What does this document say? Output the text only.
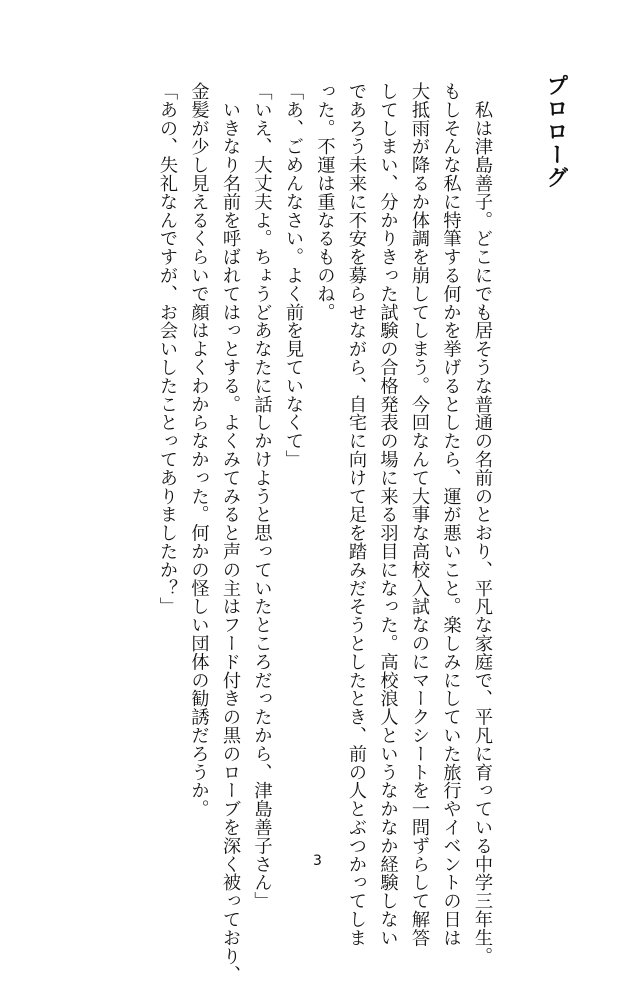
プロローグ
　私は津島善子。どこにでも居そうな普通の名前のとおり、平凡な家庭で、平凡に育っている中学三年生。
もしそんな私に特筆する何かを挙げるとしたら、運が悪いこと。楽しみにしていた旅行やイベントの日は
大抵雨が降るか体調を崩してしまう。今回なんて大事な高校入試なのにマークシートを一問ずらして解答
してしまい、分かりきった試験の合格発表の場に来る羽目になった。高校浪人というなかなか経験しない
であろう未来に不安を募らせながら、自宅に向けて足を踏みだそうとしたとき、前の人とぶつかってしま
った。不運は重なるものね。
「あ、ごめんなさい。よく前を見ていなくて」
「いえ、大丈夫よ。ちょうどあなたに話しかけようと思っていたところだったから、津島善子さん」
　いきなり名前を呼ばれてはっとする。よくみてみると声の主はフード付きの黒のローブを深く被っており、
金髪が少し見えるくらいで顔はよくわからなかった。何かの怪しい団体の勧誘だろうか。
「あの、失礼なんですが、お会いしたことってありましたか？」
3
